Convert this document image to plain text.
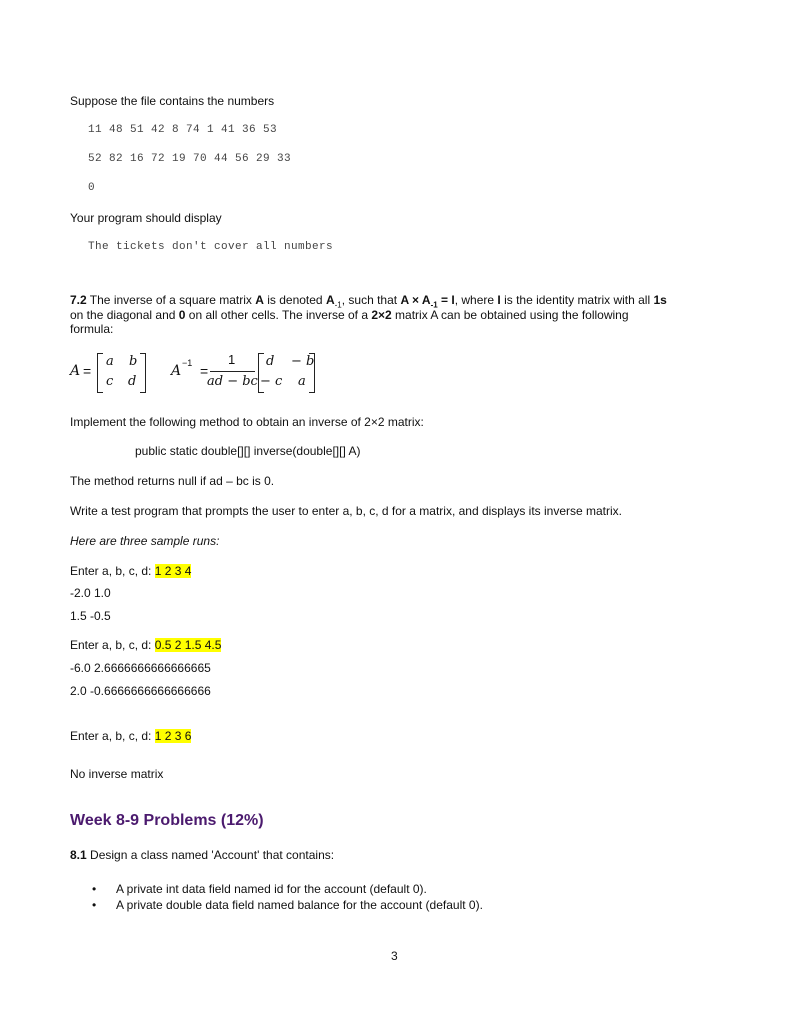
Suppose the file contains the numbers
11 48 51 42 8 74 1 41 36 53
52 82 16 72 19 70 44 56 29 33
0
Your program should display
The tickets don't cover all numbers
7.2 The inverse of a square matrix A is denoted $A_{-1}$, such that $A \times A_{-1} = I$, where I is the identity matrix with all 1s
on the diagonal and 0 on all other cells. The inverse of a 2×2 matrix A can be obtained using the following
formula:
A =
a b
c d
A −1 =
1
ad − bc
d − b
− c a
Implement the following method to obtain an inverse of 2×2 matrix:
public static double[][] inverse(double[][] A)
The method returns null if ad – bc is 0.
Write a test program that prompts the user to enter a, b, c, d for a matrix, and displays its inverse matrix.
Here are three sample runs:
Enter a, b, c, d: 1 2 3 4
-2.0 1.0
1.5 -0.5
Enter a, b, c, d: 0.5 2 1.5 4.5
-6.0 2.6666666666666665
2.0 -0.6666666666666666
Enter a, b, c, d: 1 2 3 6
No inverse matrix
Week 8-9 Problems (12%)
8.1 Design a class named 'Account' that contains:
• A private int data field named id for the account (default 0).
• A private double data field named balance for the account (default 0).
3
